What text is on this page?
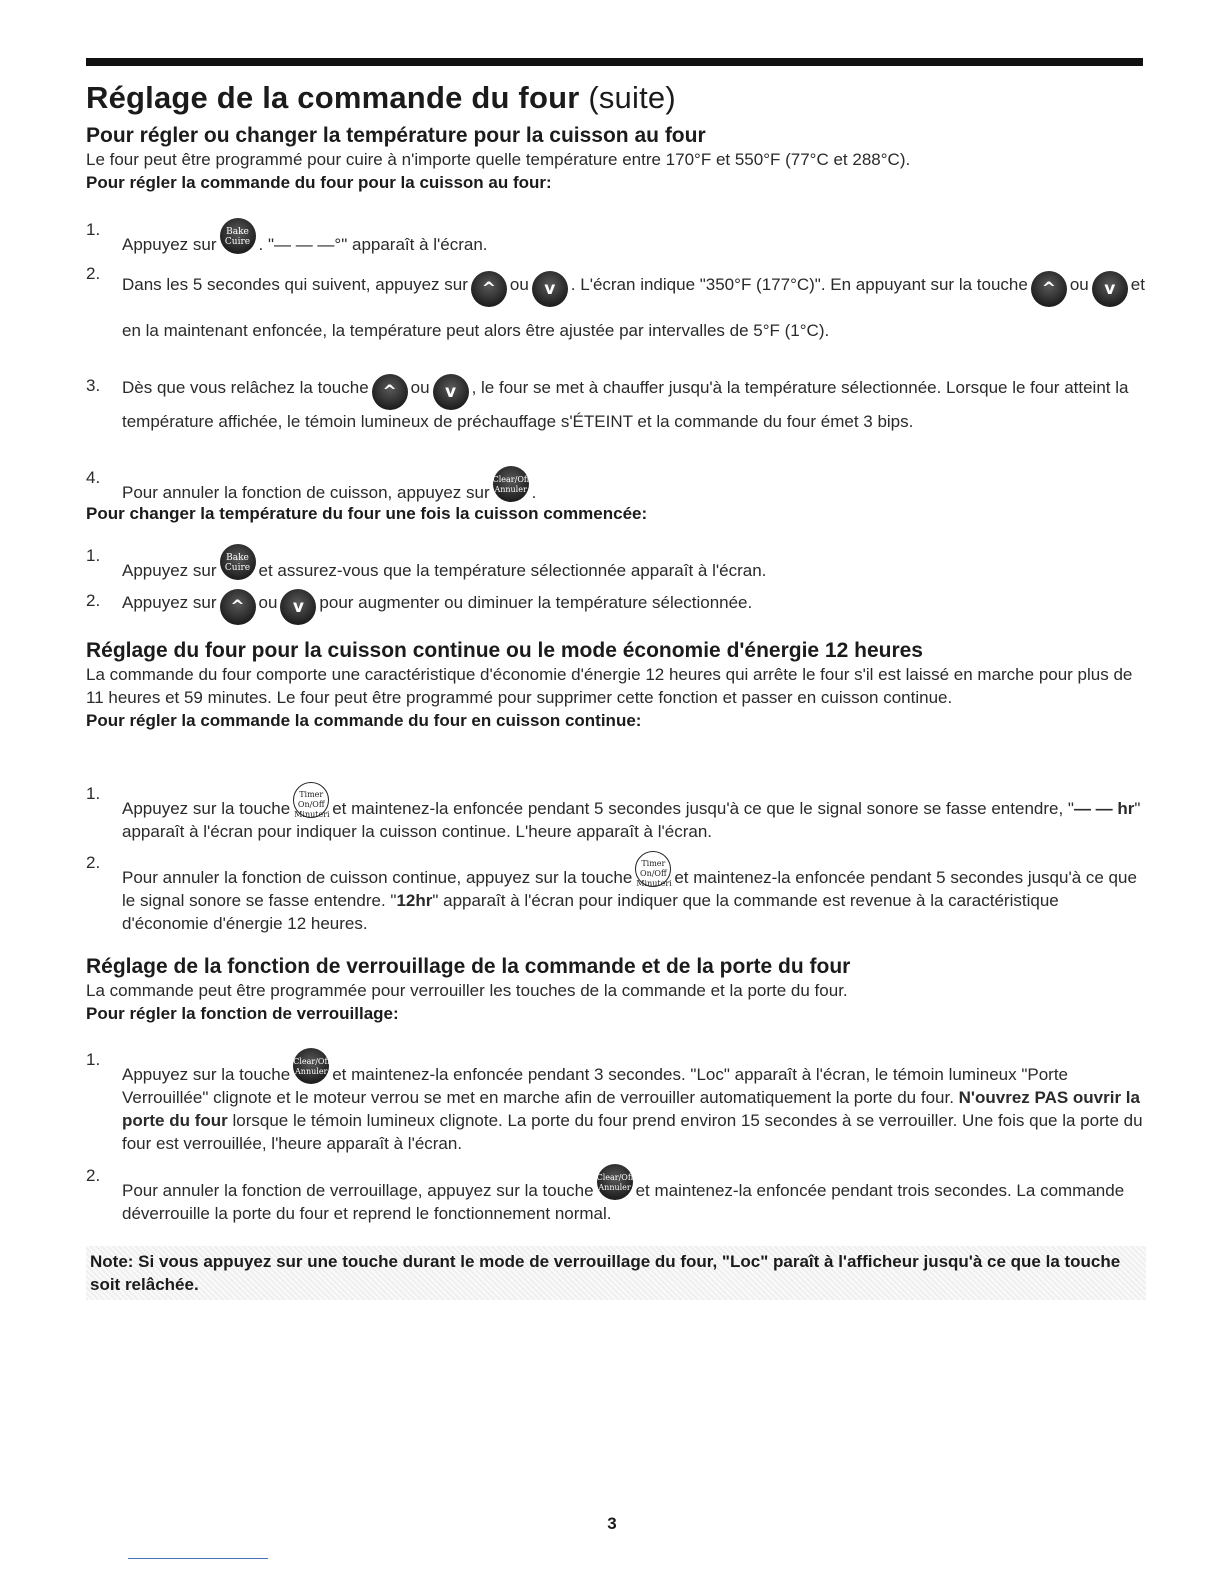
Réglage de la commande du four (suite)
Pour régler ou changer la température pour la cuisson au four

Le four peut être programmé pour cuire à n'importe quelle température entre 170°F et 550°F (77°C et 288°C).

Pour régler la commande du four pour la cuisson au four:
1.
Appuyez sur
Bake
Cuire . "— — —°" apparaît à l'écran.
2.
Dans les 5 secondes qui suivent, appuyez sur ^ ou v . L'écran indique "350°F (177°C)". En appuyant sur la touche ^ ou v et en la maintenant enfoncée, la température peut alors être ajustée par intervalles de 5°F (1°C).
3. Dès que vous relâchez la touche ^ ou v , le four se met à chauffer jusqu'à la température sélectionnée. Lorsque le four atteint la température affichée, le témoin lumineux de préchauffage s'ÉTEINT et la commande du four émet 3 bips.
4.
Pour annuler la fonction de cuisson, appuyez sur
Clear/Off
Annuler .
Pour changer la température du four une fois la cuisson commencée:
1.
Appuyez sur
Bake
Cuire et assurez-vous que la température sélectionnée apparaît à l'écran.
2. Appuyez sur ^ ou v pour augmenter ou diminuer la température sélectionnée.
Réglage du four pour la cuisson continue ou le mode économie d'énergie 12 heures

La commande du four comporte une caractéristique d'économie d'énergie 12 heures qui arrête le four s'il est laissé en marche pour plus de 11 heures et 59 minutes. Le four peut être programmé pour supprimer cette fonction et passer en cuisson continue.

Pour régler la commande la commande du four en cuisson continue:
1.
Appuyez sur la touche
Timer
On/Off
Minuteri et maintenez-la enfoncée pendant 5 secondes jusqu'à ce que le signal sonore se fasse entendre, "— — hr" apparaît à l'écran pour indiquer la cuisson continue. L'heure apparaît à l'écran.
2.
Pour annuler la fonction de cuisson continue, appuyez sur la touche
Timer
On/Off
Minuteri et maintenez-la enfoncée pendant 5 secondes jusqu'à ce que le signal sonore se fasse entendre. "12hr" apparaît à l'écran pour indiquer que la commande est revenue à la caractéristique d'économie d'énergie 12 heures.
Réglage de la fonction de verrouillage de la commande et de la porte du four

La commande peut être programmée pour verrouiller les touches de la commande et la porte du four.

Pour régler la fonction de verrouillage:
1.
Appuyez sur la touche
Clear/Off
Annuler et maintenez-la enfoncée pendant 3 secondes. "Loc" apparaît à l'écran, le témoin lumineux "Porte Verrouillée" clignote et le moteur verrou se met en marche afin de verrouiller automatiquement la porte du four. N'ouvrez PAS ouvrir la porte du four lorsque le témoin lumineux clignote. La porte du four prend environ 15 secondes à se verrouiller. Une fois que la porte du four est verrouillée, l'heure apparaît à l'écran.
2.
Pour annuler la fonction de verrouillage, appuyez sur la touche
Clear/Off
Annuler et maintenez-la enfoncée pendant trois secondes. La commande déverrouille la porte du four et reprend le fonctionnement normal.

Note: Si vous appuyez sur une touche durant le mode de verrouillage du four, "Loc" paraît à l'afficheur jusqu'à ce que la touche soit relâchée.

3
